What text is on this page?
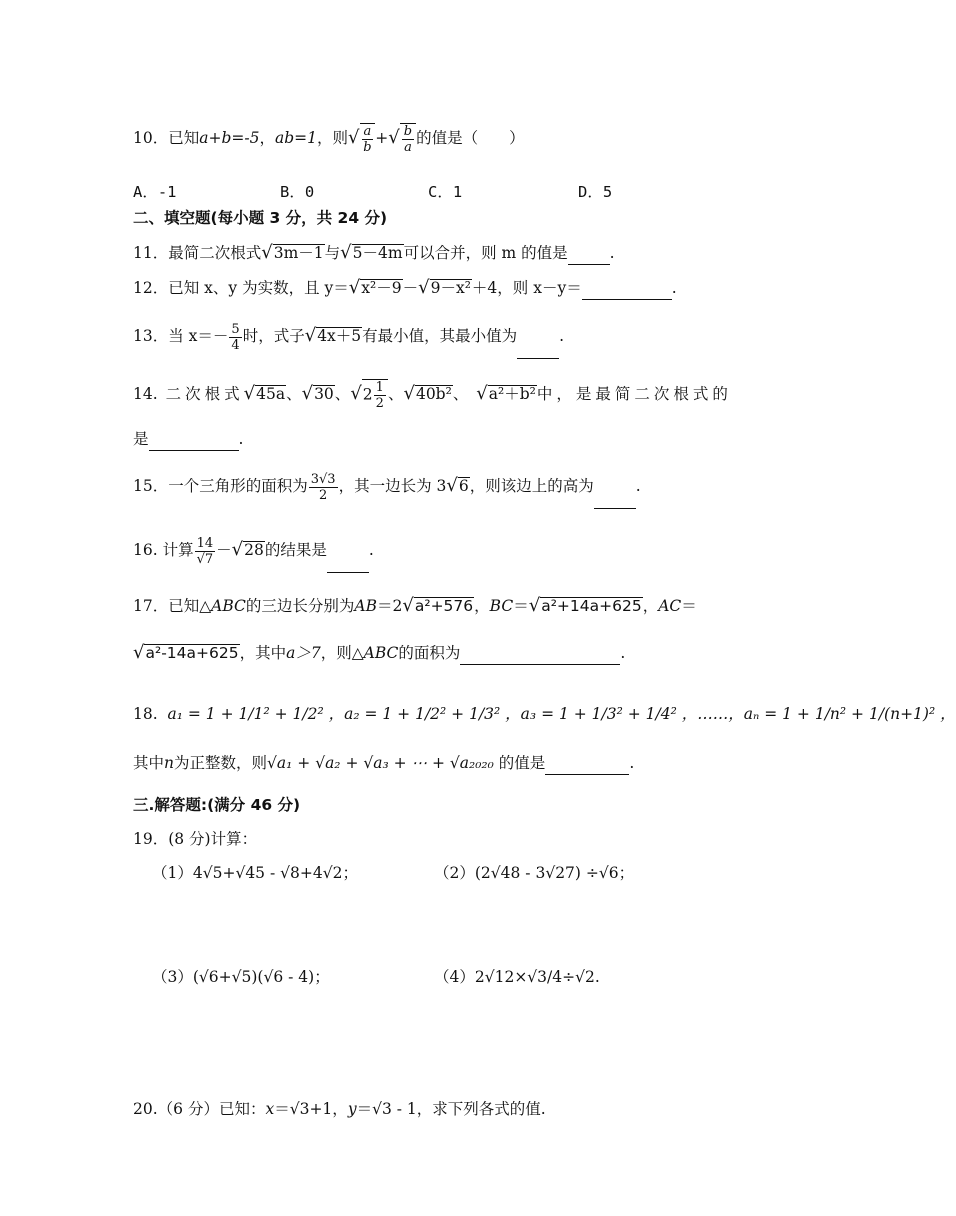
10．已知a+b=-5，ab=1，则√ $\frac{a}{b}$ +√ $\frac{b}{a}$ 的值是（　　）
A．-1	B．0	C．1	D．5
二、填空题(每小题 3 分，共 24 分)
11．最简二次根式√3m－1与√5－4m可以合并，则 m 的值是	.
12．已知 x、y 为实数，且 y＝√x²－9－√9－x²＋4，则 x－y＝	.
13．当 $x=- \frac{5}{4}$ 时，式子√4x＋5有最小值，其最小值为	.
14. 二次根式√45a、√30、$√2 \frac{1}{2}$ 、√40b²、 √a²＋b²中，是最简二次根式的
是	.
15．一个三角形的面积为 $\frac{3√3}{2}$ ，其一边长为 3√6，则该边上的高为	.
16. 计算 $\frac{14}{√7} -√28$的结果是	.
17．已知△ABC的三边长分别为AB＝2√a²+576，BC＝√a²+14a+625，AC＝
√a²-14a+625，其中a＞7，则△ABC的面积为	.
18. a₁ = 1 + 1/1² + 1/2² ，a₂ = 1 + 1/2² + 1/3² ，a₃ = 1 + 1/3² + 1/4² ，……，aₙ = 1 + 1/n² + 1/(n+1)² ，
其中n为正整数，则√a₁ + √a₂ + √a₃ + ⋯ + √a₂₀₂₀ 的值是	.
三.解答题:(满分 46 分)
19．(8 分)计算：
（1）4√5+√45 - √8+4√2；	（2）(2√48 - 3√27) ÷√6；
（3）(√6+√5)(√6 - 4)；	（4）2√12×√3/4÷√2.
20.（6 分）已知：x＝√3+1，y＝√3 - 1，求下列各式的值.
